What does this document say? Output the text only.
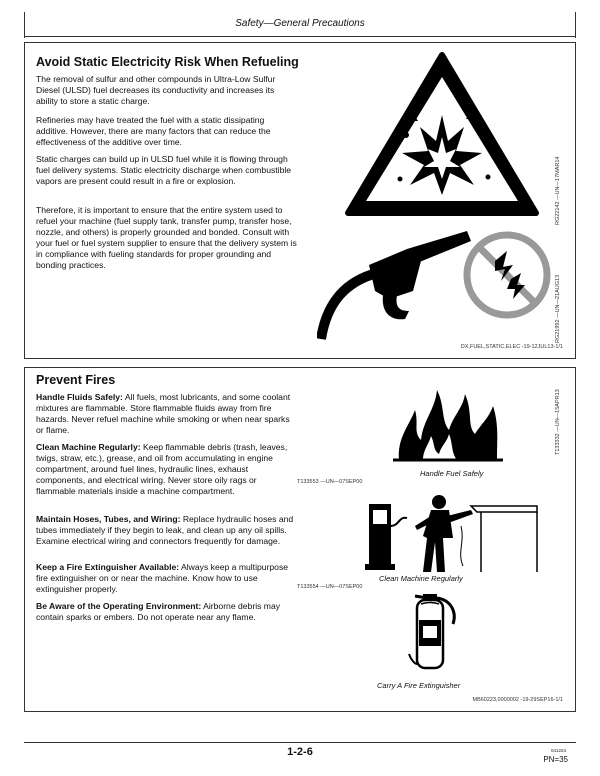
Safety—General Precautions
Avoid Static Electricity Risk When Refueling
The removal of sulfur and other compounds in Ultra-Low Sulfur Diesel (ULSD) fuel decreases its conductivity and increases its ability to store a static charge.
Refineries may have treated the fuel with a static dissipating additive. However, there are many factors that can reduce the effectiveness of the additive over time.
Static charges can build up in ULSD fuel while it is flowing through fuel delivery systems. Static electricity discharge when combustible vapors are present could result in a fire or explosion.
Therefore, it is important to ensure that the entire system used to refuel your machine (fuel supply tank, transfer pump, transfer hose, nozzle, and others) is properly grounded and bonded. Consult with your fuel or fuel system supplier to ensure that the delivery system is in compliance with fueling standards for proper grounding and bonding practices.
RG22142 —UN—17MAR14
RG21992 —UN—21AUG13
DX,FUEL,STATIC,ELEC -19-12JUL13-1/1
Prevent Fires
Handle Fluids Safely: All fuels, most lubricants, and some coolant mixtures are flammable. Store flammable fluids away from fire hazards. Never refuel machine while smoking or when near sparks or flame.
Clean Machine Regularly: Keep flammable debris (trash, leaves, twigs, straw, etc.), grease, and oil from accumulating in engine compartment, around fuel lines, hydraulic lines, exhaust components, and electrical wiring. Never store oily rags or flammable materials inside a machine compartment.
Maintain Hoses, Tubes, and Wiring: Replace hydraulic hoses and tubes immediately if they begin to leak, and clean up any oil spills. Examine electrical wiring and connectors frequently for damage.
Keep a Fire Extinguisher Available: Always keep a multipurpose fire extinguisher on or near the machine. Know how to use extinguisher properly.
Be Aware of the Operating Environment: Airborne debris may contain sparks or embers. Do not operate near any flame.
T133332 —UN—15APR13
Handle Fuel Safely
T133553 —UN—07SEP00
Clean Machine Regularly
T133554 —UN—07SEP00
Carry A Fire Extinguisher
MB60223,0000002 -19-29SEP16-1/1
1-2-6	041224
PN=35
